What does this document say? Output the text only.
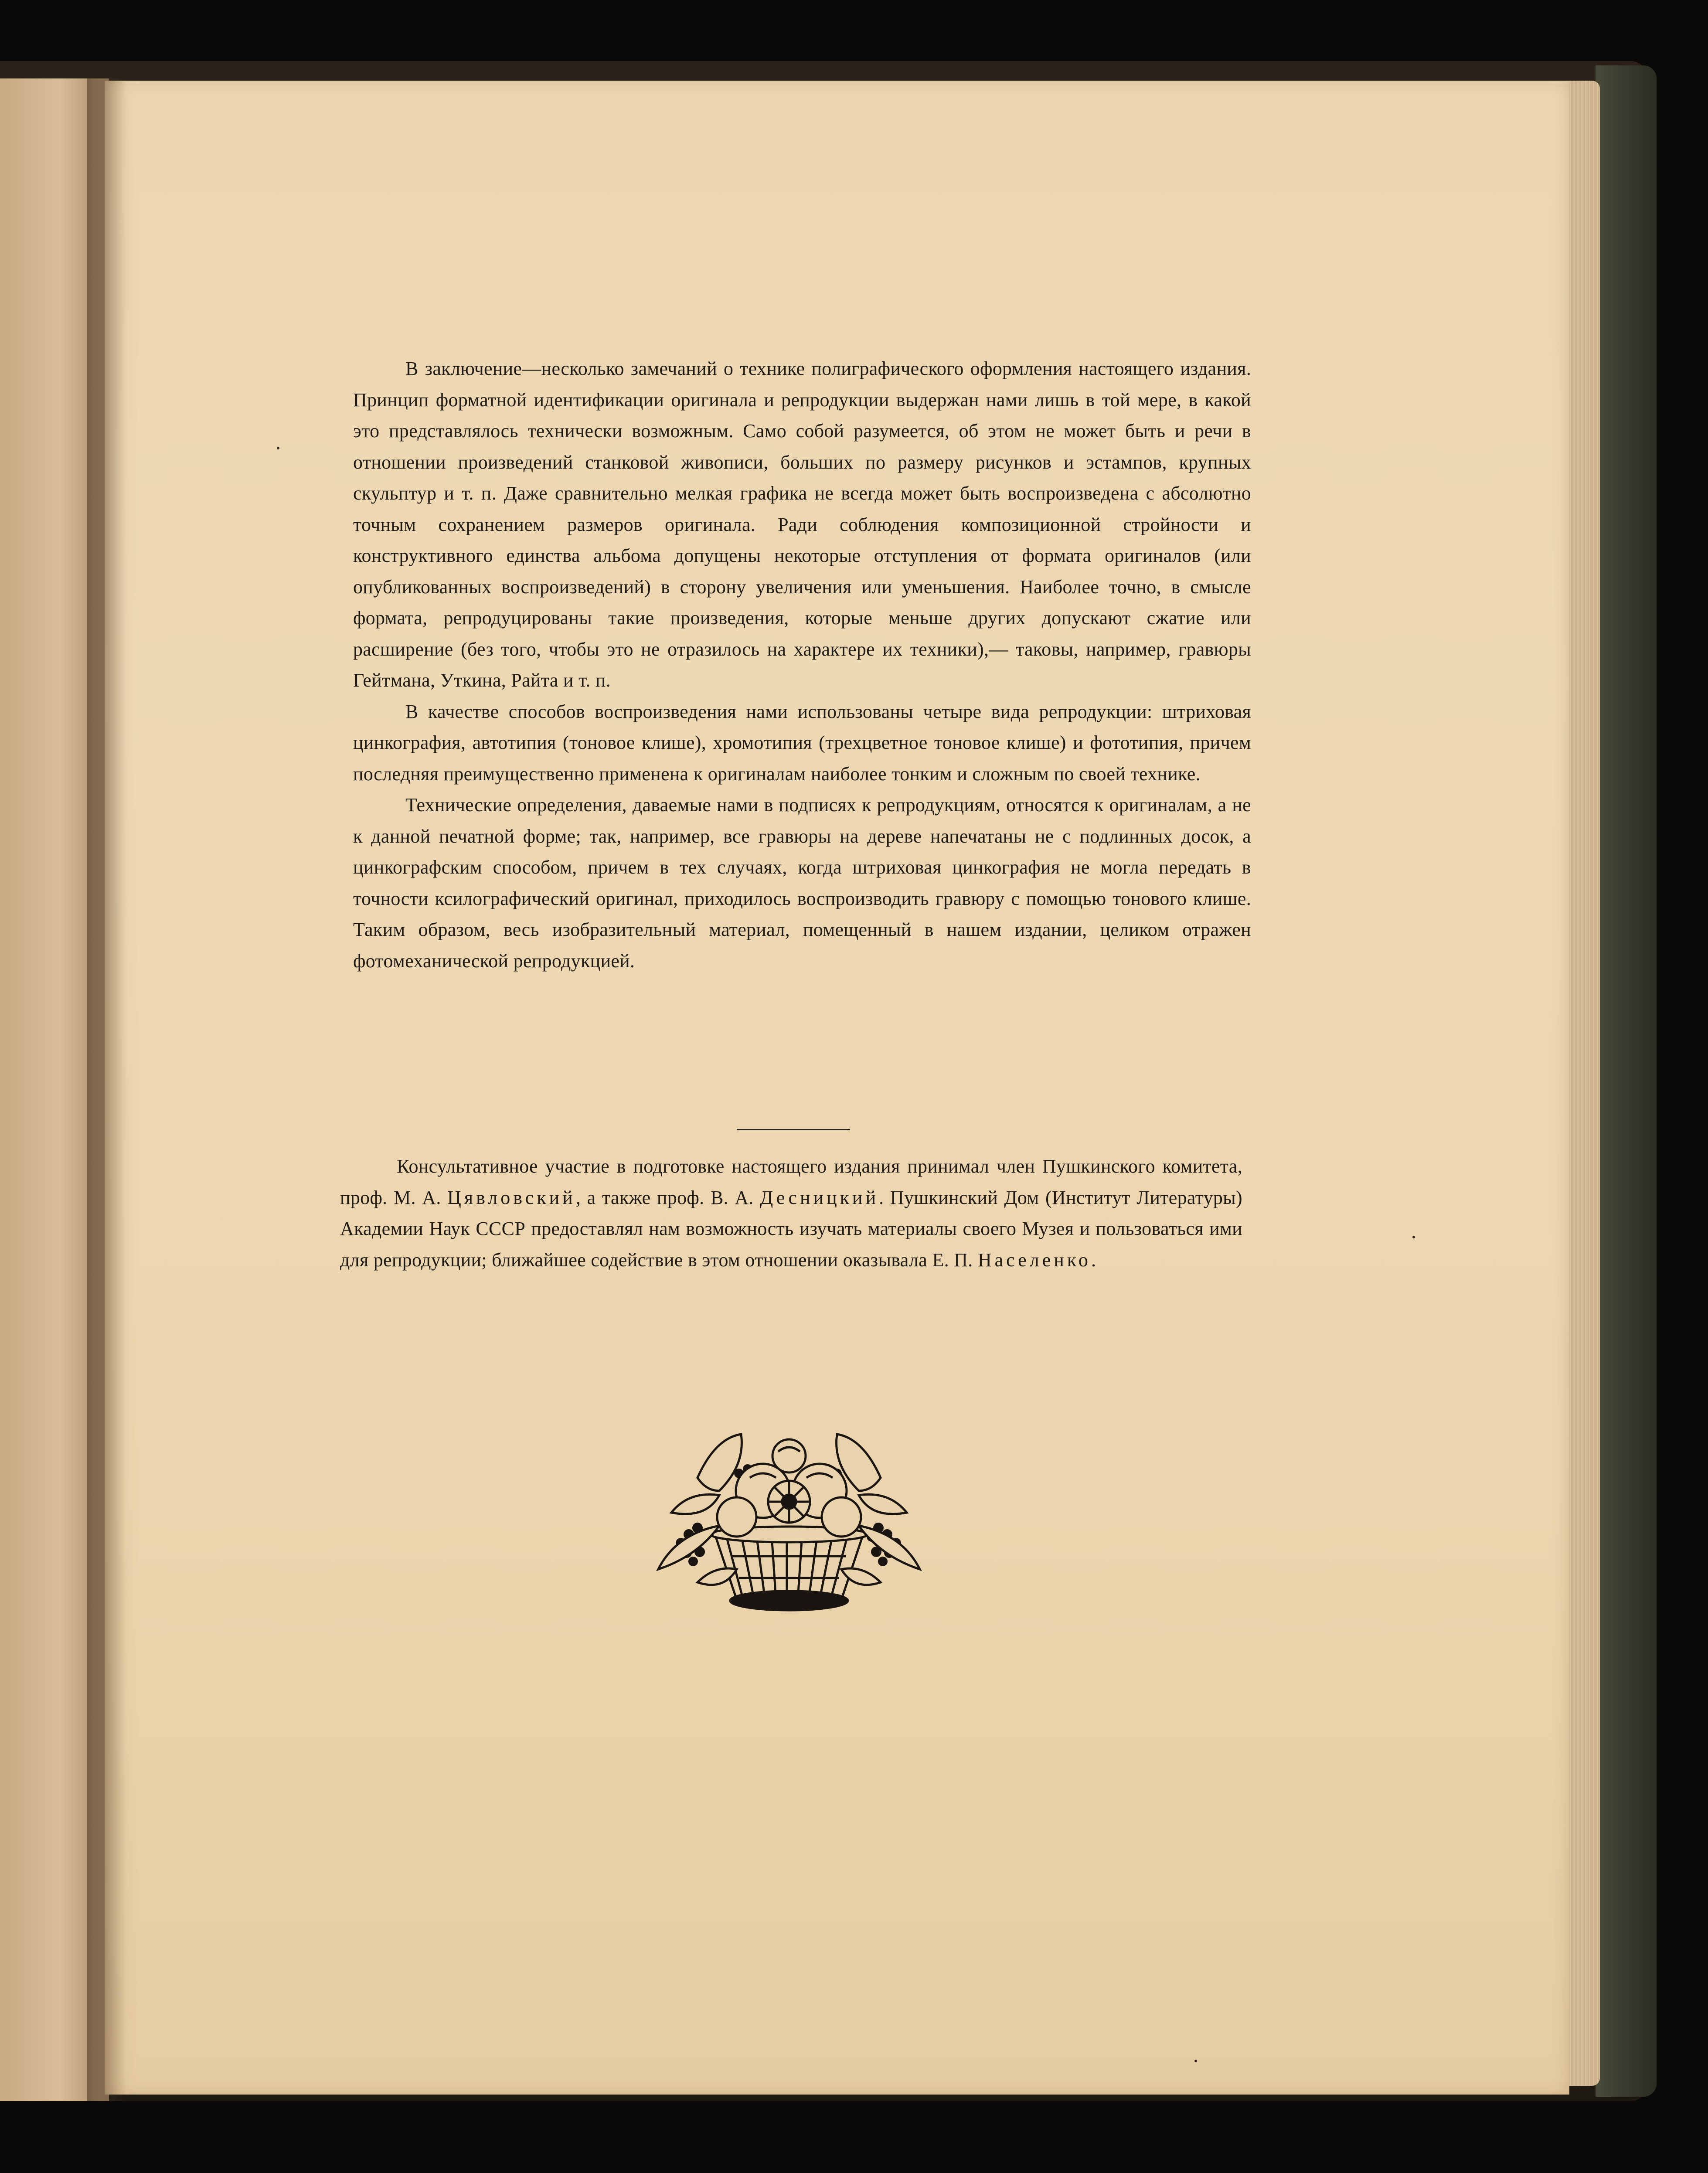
В заключение—несколько замечаний о технике полиграфического оформления настоящего издания. Принцип форматной идентификации оригинала и репродукции выдержан нами лишь в той мере, в какой это представлялось технически возможным. Само собой разумеется, об этом не может быть и речи в отношении произведений станковой живописи, больших по размеру рисунков и эстампов, крупных скульптур и т. п. Даже сравнительно мелкая графика не всегда может быть воспроизведена с абсолютно точным сохранением размеров оригинала. Ради соблюдения композиционной стройности и конструктивного единства альбома допущены некоторые отступления от формата оригиналов (или опубликованных воспроизведений) в сторону увеличения или уменьшения. Наиболее точно, в смысле формата, репродуцированы такие произведения, которые меньше других допускают сжатие или расширение (без того, чтобы это не отразилось на характере их техники),— таковы, например, гравюры Гейтмана, Уткина, Райта и т. п.

В качестве способов воспроизведения нами использованы четыре вида репродукции: штриховая цинкография, автотипия (тоновое клише), хромотипия (трехцветное тоновое клише) и фототипия, причем последняя преимущественно применена к оригиналам наиболее тонким и сложным по своей технике.

Технические определения, даваемые нами в подписях к репродукциям, относятся к оригиналам, а не к данной печатной форме; так, например, все гравюры на дереве напечатаны не с подлинных досок, а цинкографским способом, причем в тех случаях, когда штриховая цинкография не могла передать в точности ксилографический оригинал, приходилось воспроизводить гравюру с помощью тонового клише. Таким образом, весь изобразительный материал, помещенный в нашем издании, целиком отражен фотомеханической репродукцией.

Консультативное участие в подготовке настоящего издания принимал член Пушкинского комитета, проф. М. А. Цявловский, а также проф. В. А. Десницкий. Пушкинский Дом (Институт Литературы) Академии Наук СССР предоставлял нам возможность изучать материалы своего Музея и пользоваться ими для репродукции; ближайшее содействие в этом отношении оказывала Е. П. Населенко.
